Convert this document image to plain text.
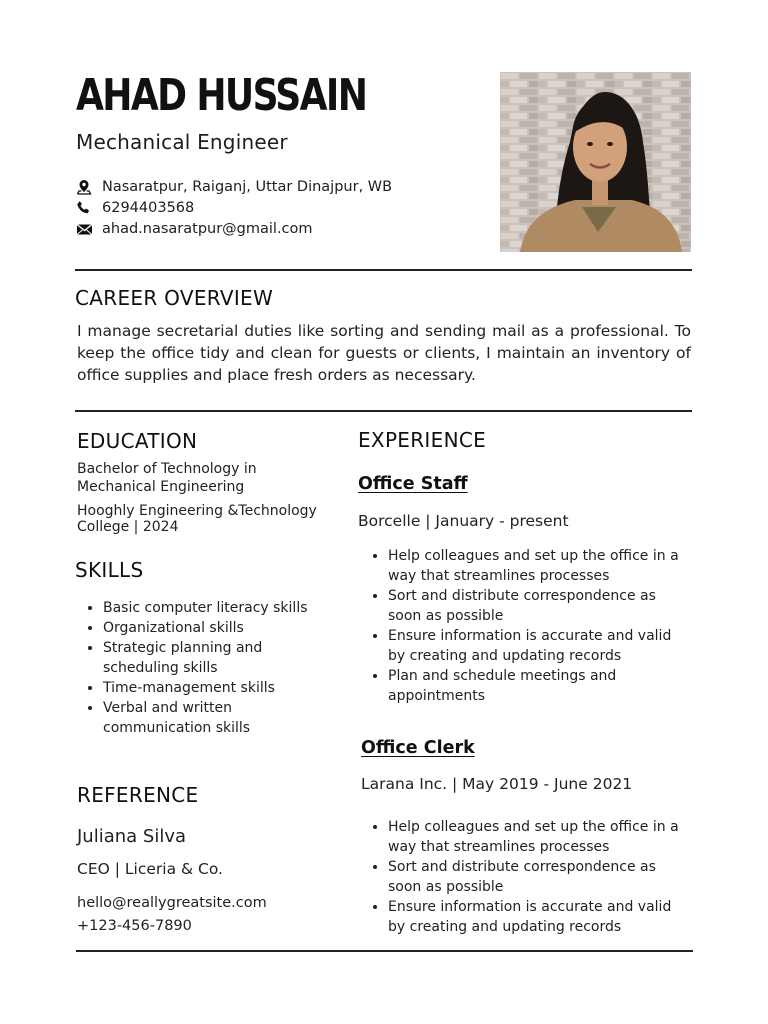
AHAD HUSSAIN
Mechanical Engineer
Nasaratpur, Raiganj, Uttar Dinajpur, WB
6294403568
ahad.nasaratpur@gmail.com
CAREER OVERVIEW
I manage secretarial duties like sorting and sending mail as a professional. To keep the office tidy and clean for guests or clients, I maintain an inventory of office supplies and place fresh orders as necessary.
EDUCATION
Bachelor of Technology in
Mechanical Engineering
Hooghly Engineering &Technology
College | 2024
SKILLS
• Basic computer literacy skills
• Organizational skills
• Strategic planning and scheduling skills
• Time-management skills
• Verbal and written communication skills
REFERENCE
Juliana Silva
CEO | Liceria & Co.
hello@reallygreatsite.com
+123-456-7890
EXPERIENCE
Office Staff
Borcelle | January - present
• Help colleagues and set up the office in a way that streamlines processes
• Sort and distribute correspondence as soon as possible
• Ensure information is accurate and valid by creating and updating records
• Plan and schedule meetings and appointments
Office Clerk
Larana Inc. | May 2019 - June 2021
• Help colleagues and set up the office in a way that streamlines processes
• Sort and distribute correspondence as soon as possible
• Ensure information is accurate and valid by creating and updating records
